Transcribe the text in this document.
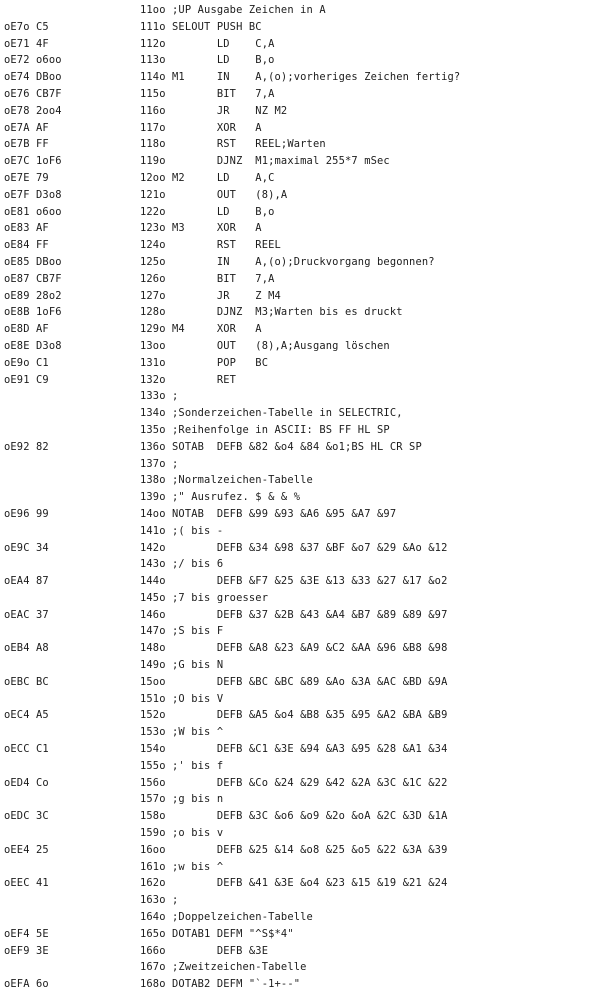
11oo ;UP Ausgabe Zeichen in A
oE7o C5	111o SELOUT PUSH BC
oE71 4F	112o        LD    C,A
oE72 o6oo	113o        LD    B,o
oE74 DBoo	114o M1     IN    A,(o);vorheriges Zeichen fertig?
oE76 CB7F	115o        BIT   7,A
oE78 2oo4	116o        JR    NZ M2
oE7A AF	117o        XOR   A
oE7B FF	118o        RST   REEL;Warten
oE7C 1oF6	119o        DJNZ  M1;maximal 255*7 mSec
oE7E 79	12oo M2     LD    A,C
oE7F D3o8	121o        OUT   (8),A
oE81 o6oo	122o        LD    B,o
oE83 AF	123o M3     XOR   A
oE84 FF	124o        RST   REEL
oE85 DBoo	125o        IN    A,(o);Druckvorgang begonnen?
oE87 CB7F	126o        BIT   7,A
oE89 28o2	127o        JR    Z M4
oE8B 1oF6	128o        DJNZ  M3;Warten bis es druckt
oE8D AF	129o M4     XOR   A
oE8E D3o8	13oo        OUT   (8),A;Ausgang löschen
oE9o C1	131o        POP   BC
oE91 C9	132o        RET
133o ;
134o ;Sonderzeichen-Tabelle in SELECTRIC,
135o ;Reihenfolge in ASCII: BS FF HL SP
oE92 82	136o SOTAB  DEFB &82 &o4 &84 &o1;BS HL CR SP
137o ;
138o ;Normalzeichen-Tabelle
139o ;" Ausrufez. $ & & %
oE96 99	14oo NOTAB  DEFB &99 &93 &A6 &95 &A7 &97
141o ;( bis -
oE9C 34	142o        DEFB &34 &98 &37 &BF &o7 &29 &Ao &12
143o ;/ bis 6
oEA4 87	144o        DEFB &F7 &25 &3E &13 &33 &27 &17 &o2
145o ;7 bis groesser
oEAC 37	146o        DEFB &37 &2B &43 &A4 &B7 &89 &89 &97
147o ;S bis F
oEB4 A8	148o        DEFB &A8 &23 &A9 &C2 &AA &96 &B8 &98
149o ;G bis N
oEBC BC	15oo        DEFB &BC &BC &89 &Ao &3A &AC &BD &9A
151o ;O bis V
oEC4 A5	152o        DEFB &A5 &o4 &B8 &35 &95 &A2 &BA &B9
153o ;W bis ^
oECC C1	154o        DEFB &C1 &3E &94 &A3 &95 &28 &A1 &34
155o ;' bis f
oED4 Co	156o        DEFB &Co &24 &29 &42 &2A &3C &1C &22
157o ;g bis n
oEDC 3C	158o        DEFB &3C &o6 &o9 &2o &oA &2C &3D &1A
159o ;o bis v
oEE4 25	16oo        DEFB &25 &14 &o8 &25 &o5 &22 &3A &39
161o ;w bis ^
oEEC 41	162o        DEFB &41 &3E &o4 &23 &15 &19 &21 &24
163o ;
164o ;Doppelzeichen-Tabelle
oEF4 5E	165o DOTAB1 DEFM "^S$*4"
oEF9 3E	166o        DEFB &3E
167o ;Zweitzeichen-Tabelle
oEFA 6o	168o DOTAB2 DEFM "`-1+--"
